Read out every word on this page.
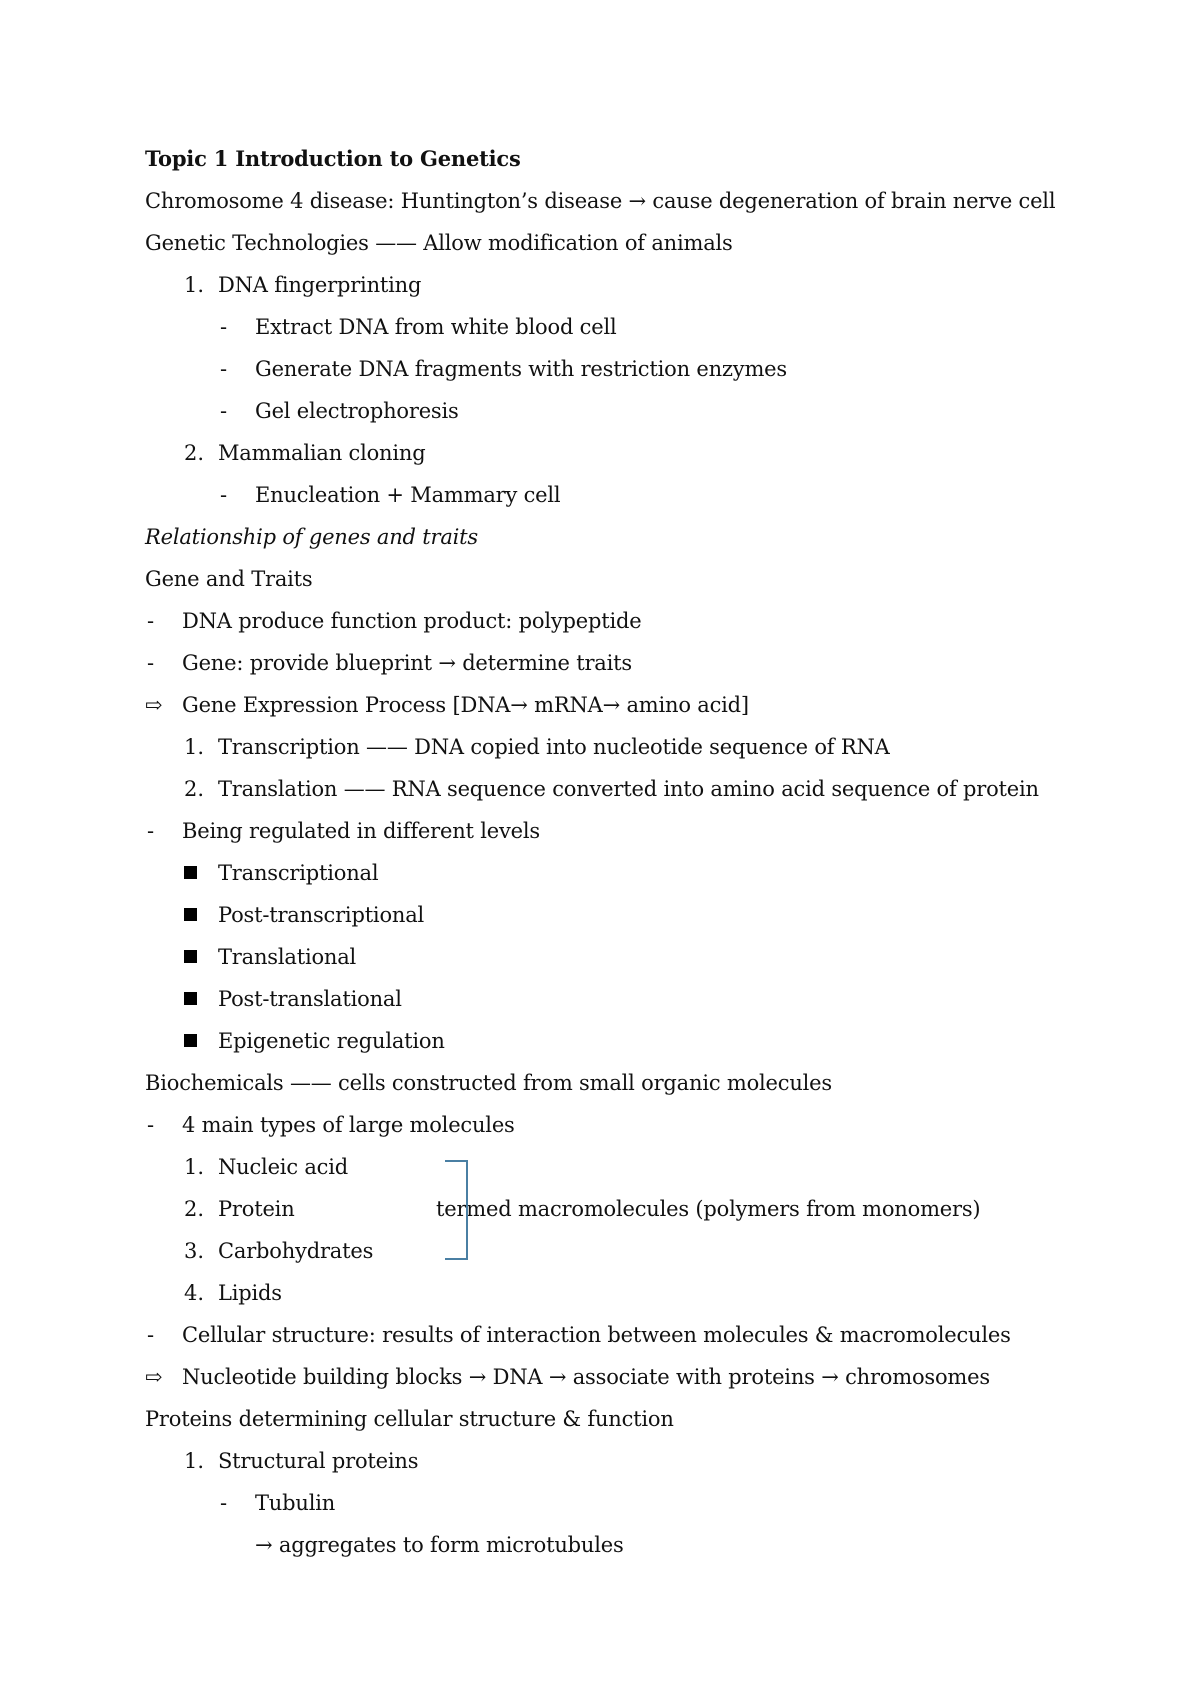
Topic 1 Introduction to Genetics
Chromosome 4 disease: Huntington’s disease → cause degeneration of brain nerve cell
Genetic Technologies —— Allow modification of animals
1. DNA fingerprinting
- Extract DNA from white blood cell
- Generate DNA fragments with restriction enzymes
- Gel electrophoresis
2. Mammalian cloning
- Enucleation + Mammary cell
Relationship of genes and traits
Gene and Traits
- DNA produce function product: polypeptide
- Gene: provide blueprint → determine traits
⇨ Gene Expression Process [DNA→ mRNA→ amino acid]
1. Transcription —— DNA copied into nucleotide sequence of RNA
2. Translation —— RNA sequence converted into amino acid sequence of protein
- Being regulated in different levels
Transcriptional
Post-transcriptional
Translational
Post-translational
Epigenetic regulation
Biochemicals —— cells constructed from small organic molecules
- 4 main types of large molecules
1. Nucleic acid
2. Protein	termed macromolecules (polymers from monomers)
3. Carbohydrates
4. Lipids
- Cellular structure: results of interaction between molecules & macromolecules
⇨ Nucleotide building blocks → DNA → associate with proteins → chromosomes
Proteins determining cellular structure & function
1. Structural proteins
- Tubulin
→ aggregates to form microtubules
